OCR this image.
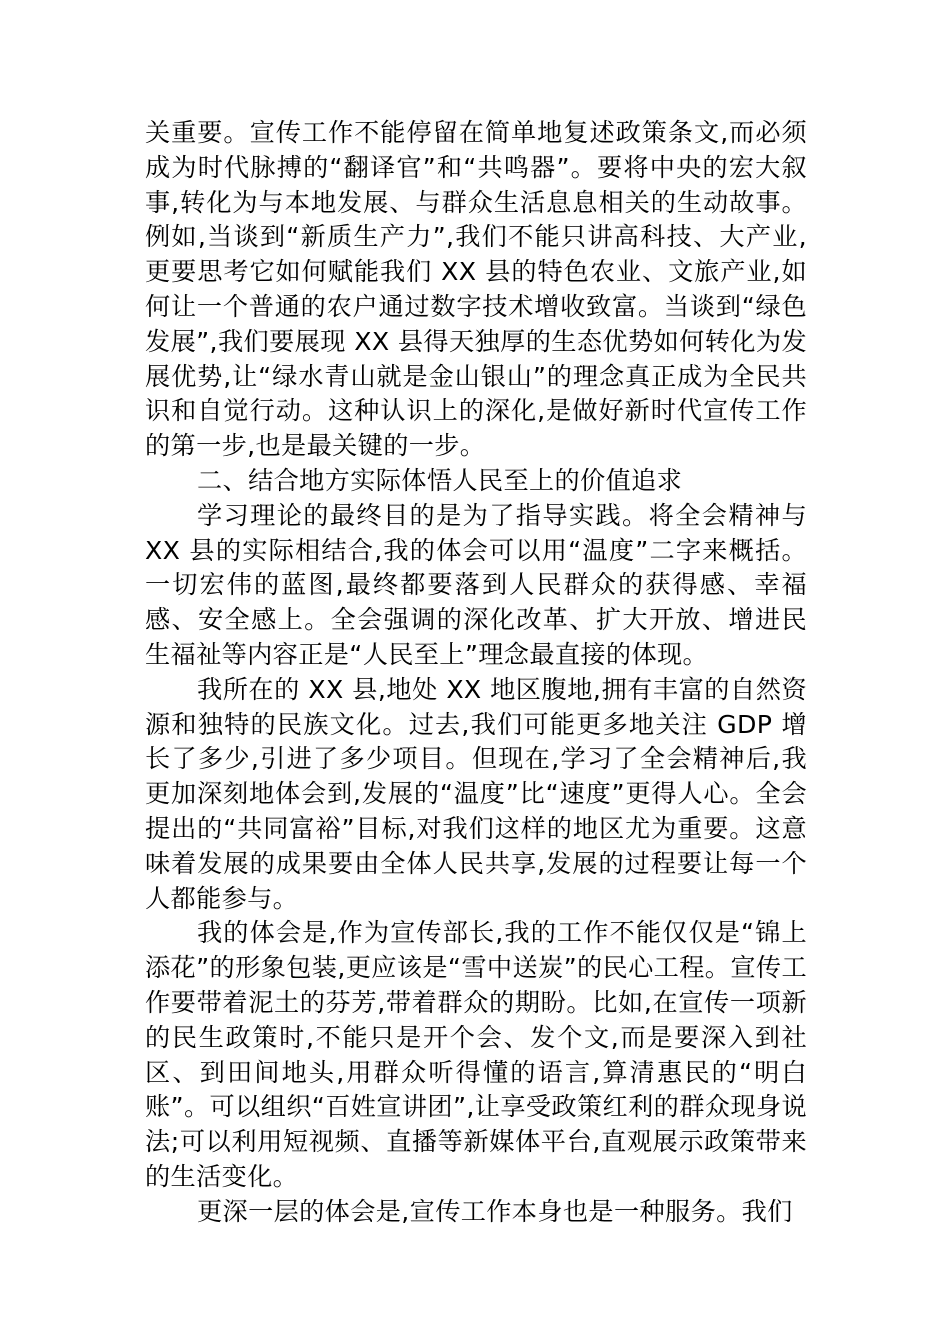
关重要。宣传工作不能停留在简单地复述政策条文,而必须成为时代脉搏的“翻译官”和“共鸣器”。要将中央的宏大叙事,转化为与本地发展、与群众生活息息相关的生动故事。例如,当谈到“新质生产力”,我们不能只讲高科技、大产业,更要思考它如何赋能我们 XX 县的特色农业、文旅产业,如何让一个普通的农户通过数字技术增收致富。当谈到“绿色发展”,我们要展现 XX 县得天独厚的生态优势如何转化为发展优势,让“绿水青山就是金山银山”的理念真正成为全民共识和自觉行动。这种认识上的深化,是做好新时代宣传工作的第一步,也是最关键的一步。

二、结合地方实际体悟人民至上的价值追求

学习理论的最终目的是为了指导实践。将全会精神与 XX 县的实际相结合,我的体会可以用“温度”二字来概括。一切宏伟的蓝图,最终都要落到人民群众的获得感、幸福感、安全感上。全会强调的深化改革、扩大开放、增进民生福祉等内容正是“人民至上”理念最直接的体现。

我所在的 XX 县,地处 XX 地区腹地,拥有丰富的自然资源和独特的民族文化。过去,我们可能更多地关注 GDP 增长了多少,引进了多少项目。但现在,学习了全会精神后,我更加深刻地体会到,发展的“温度”比“速度”更得人心。全会提出的“共同富裕”目标,对我们这样的地区尤为重要。这意味着发展的成果要由全体人民共享,发展的过程要让每一个人都能参与。

我的体会是,作为宣传部长,我的工作不能仅仅是“锦上添花”的形象包装,更应该是“雪中送炭”的民心工程。宣传工作要带着泥土的芬芳,带着群众的期盼。比如,在宣传一项新的民生政策时,不能只是开个会、发个文,而是要深入到社区、到田间地头,用群众听得懂的语言,算清惠民的“明白账”。可以组织“百姓宣讲团”,让享受政策红利的群众现身说法;可以利用短视频、直播等新媒体平台,直观展示政策带来的生活变化。

更深一层的体会是,宣传工作本身也是一种服务。我们
